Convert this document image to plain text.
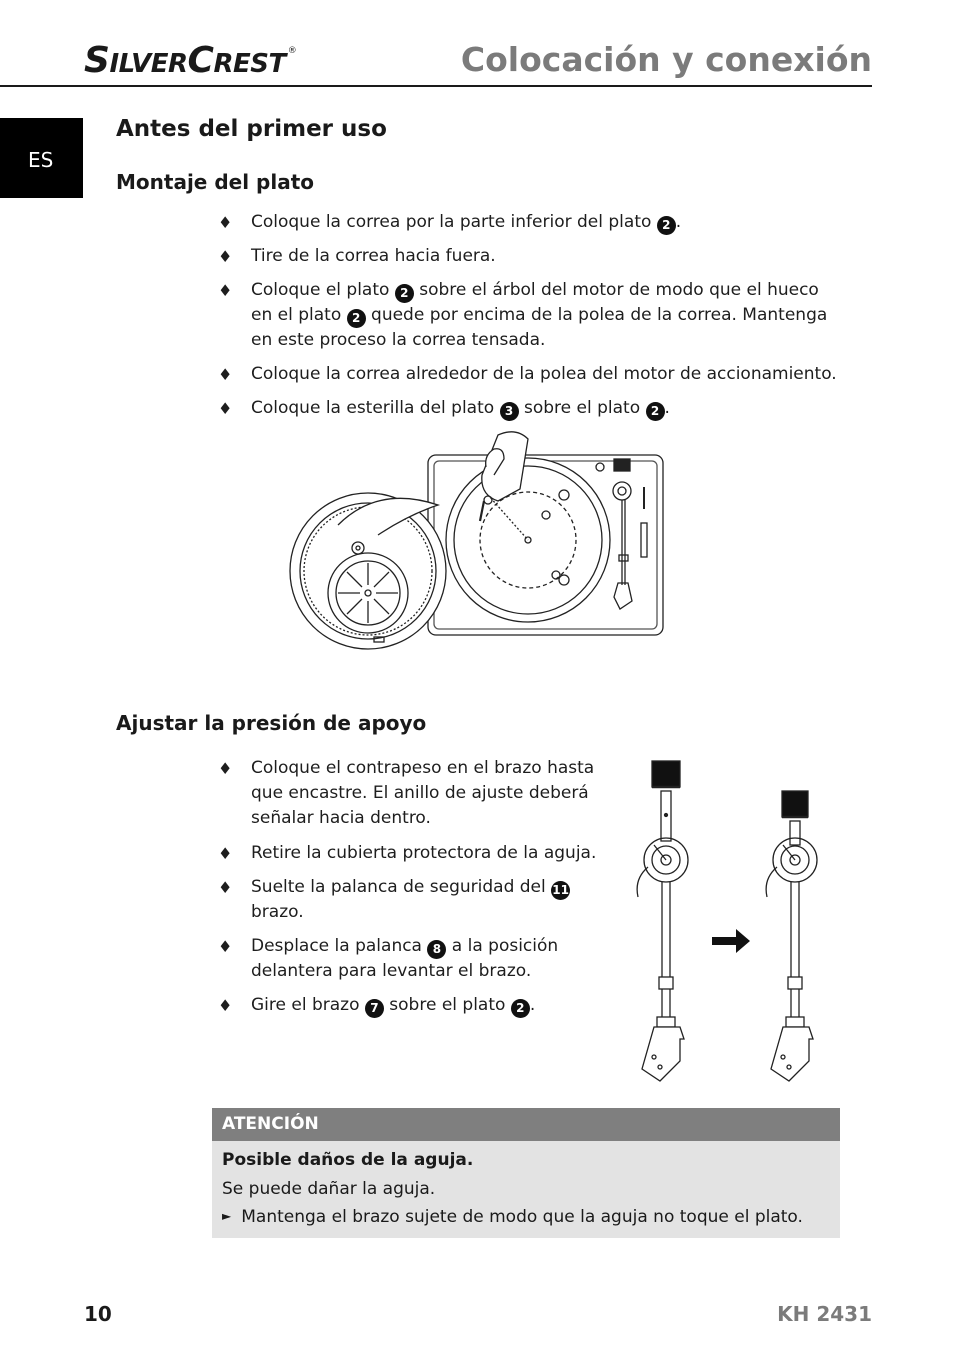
SILVERCREST ®	Colocación y conexión
ES
Antes del primer uso
Montaje del plato
♦ Coloque la correa por la parte inferior del plato 2 .
♦ Tire de la correa hacia fuera.
♦ Coloque el plato 2 sobre el árbol del motor de modo que el hueco en el plato 2 quede por encima de la polea de la correa. Mantenga en este proceso la correa tensada.
♦ Coloque la correa alrededor de la polea del motor de accionamiento.
♦ Coloque la esterilla del plato 3 sobre el plato 2 .
Ajustar la presión de apoyo
♦ Coloque el contrapeso en el brazo hasta que encastre. El anillo de ajuste deberá señalar hacia dentro.
♦ Retire la cubierta protectora de la aguja.
♦ Suelte la palanca de seguridad del 11 brazo.
♦ Desplace la palanca 8 a la posición delantera para levantar el brazo.
♦ Gire el brazo 7 sobre el plato 2 .
ATENCIÓN
Posible daños de la aguja.
Se puede dañar la aguja.
► Mantenga el brazo sujete de modo que la aguja no toque el plato.
10	KH 2431
